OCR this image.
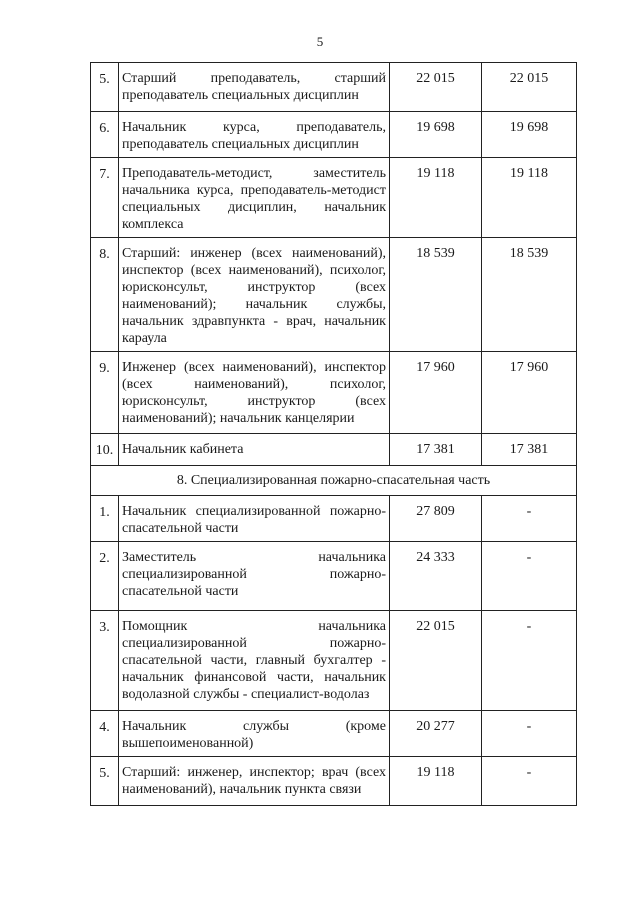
5
5.	Старший преподаватель, старший преподаватель специальных дисциплин	22 015	22 015
6.	Начальник курса, преподаватель, преподаватель специальных дисциплин	19 698	19 698
7.	Преподаватель-методист, заместитель начальника курса, преподаватель-методист специальных дисциплин, начальник комплекса	19 118	19 118
8.	Старший: инженер (всех наименований), инспектор (всех наименований), психолог, юрисконсульт, инструктор (всех наименований); начальник службы, начальник здравпункта - врач, начальник караула	18 539	18 539
9.	Инженер (всех наименований), инспектор (всех наименований), психолог, юрисконсульт, инструктор (всех наименований); начальник канцелярии	17 960	17 960
10.	Начальник кабинета	17 381	17 381
8. Специализированная пожарно-спасательная часть			
1.	Начальник специализированной пожарно-спасательной части	27 809	-
2.	Заместитель начальника специализированной пожарно-спасательной части	24 333	-
3.	Помощник начальника специализированной пожарно-спасательной части, главный бухгалтер - начальник финансовой части, начальник водолазной службы - специалист-водолаз	22 015	-
4.	Начальник службы (кроме вышепоименованной)	20 277	-
5.	Старший: инженер, инспектор; врач (всех наименований), начальник пункта связи	19 118	-
